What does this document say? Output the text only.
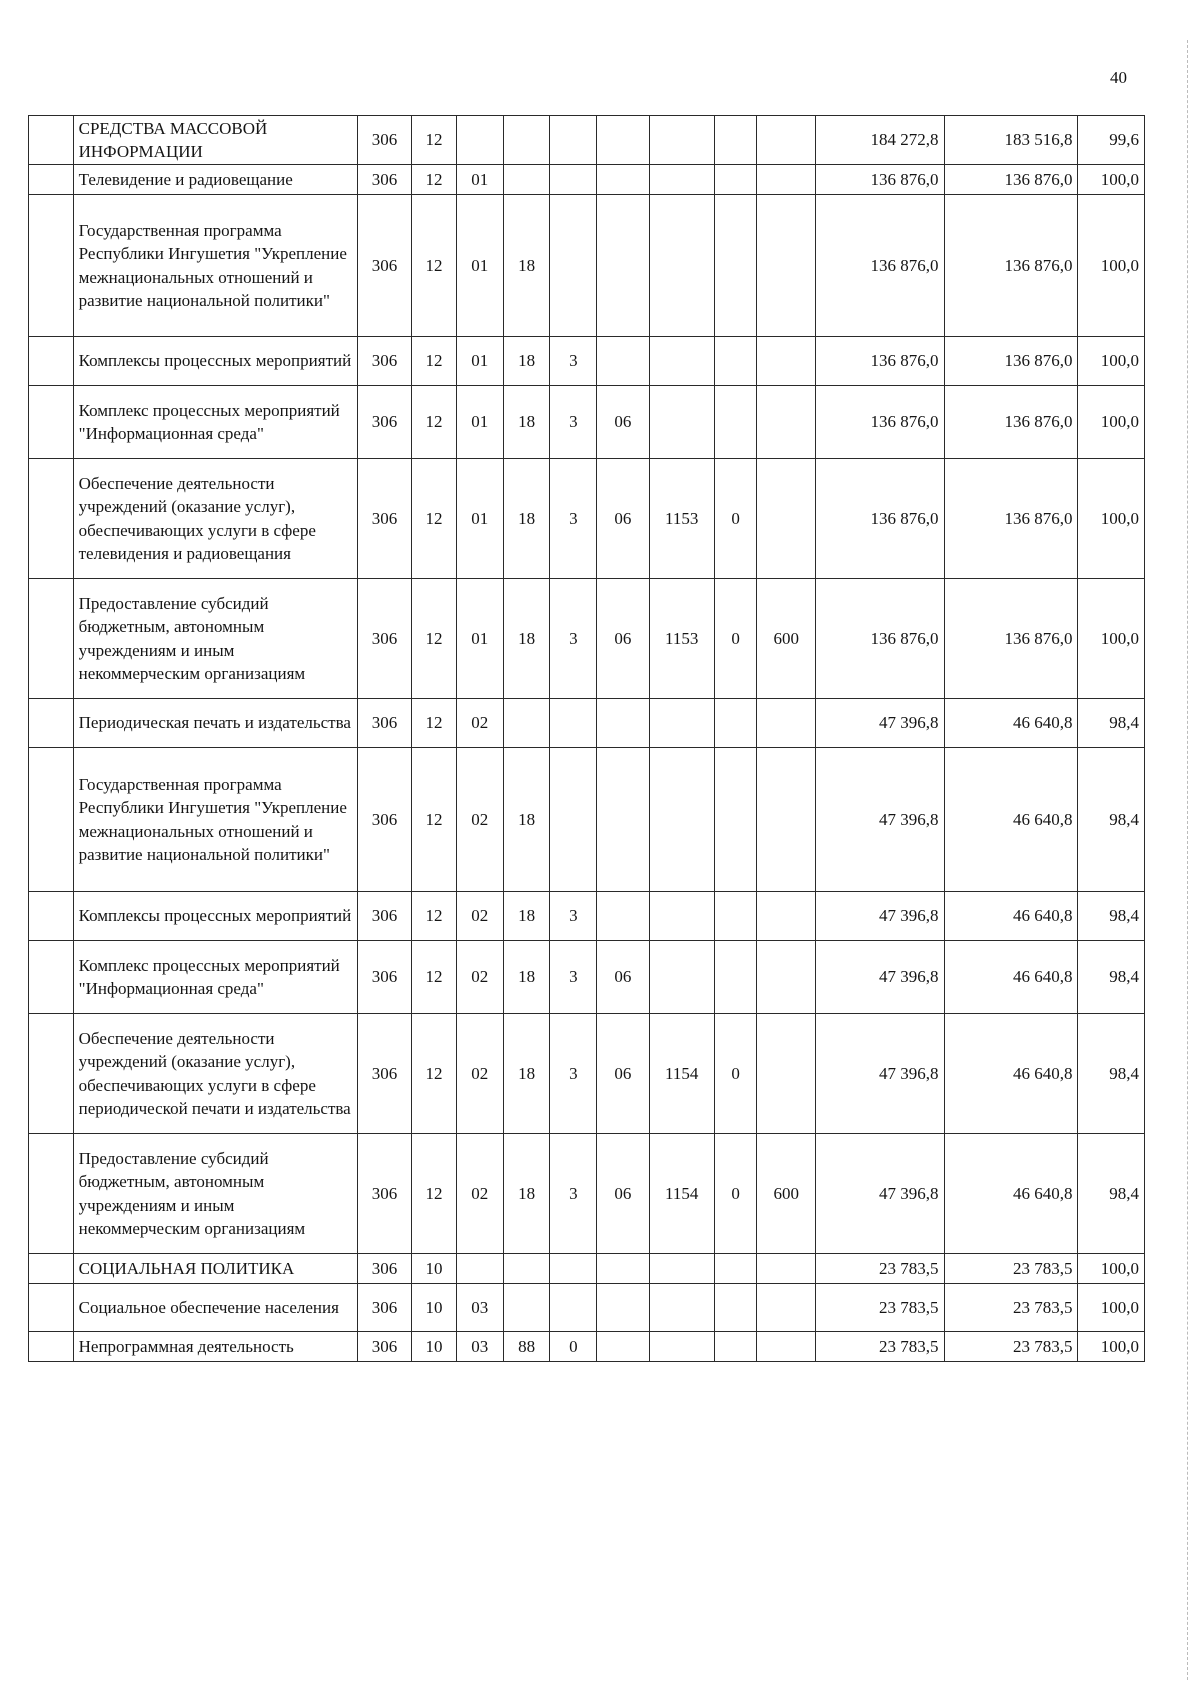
40
	СРЕДСТВА МАССОВОЙ ИНФОРМАЦИИ	306	12								184 272,8	183 516,8	99,6
	Телевидение и радиовещание	306	12	01							136 876,0	136 876,0	100,0
	Государственная программа Республики Ингушетия "Укрепление межнациональных отношений и развитие национальной политики"	306	12	01	18						136 876,0	136 876,0	100,0
	Комплексы процессных мероприятий	306	12	01	18	3					136 876,0	136 876,0	100,0
	Комплекс процессных мероприятий "Информационная среда"	306	12	01	18	3	06				136 876,0	136 876,0	100,0
	Обеспечение деятельности учреждений (оказание услуг), обеспечивающих услуги в сфере телевидения и радиовещания	306	12	01	18	3	06	1153	0		136 876,0	136 876,0	100,0
	Предоставление субсидий бюджетным, автономным учреждениям и иным некоммерческим организациям	306	12	01	18	3	06	1153	0	600	136 876,0	136 876,0	100,0
	Периодическая печать и издательства	306	12	02							47 396,8	46 640,8	98,4
	Государственная программа Республики Ингушетия "Укрепление межнациональных отношений и развитие национальной политики"	306	12	02	18						47 396,8	46 640,8	98,4
	Комплексы процессных мероприятий	306	12	02	18	3					47 396,8	46 640,8	98,4
	Комплекс процессных мероприятий "Информационная среда"	306	12	02	18	3	06				47 396,8	46 640,8	98,4
	Обеспечение деятельности учреждений (оказание услуг), обеспечивающих услуги в сфере периодической печати и издательства	306	12	02	18	3	06	1154	0		47 396,8	46 640,8	98,4
	Предоставление субсидий бюджетным, автономным учреждениям и иным некоммерческим организациям	306	12	02	18	3	06	1154	0	600	47 396,8	46 640,8	98,4
	СОЦИАЛЬНАЯ ПОЛИТИКА	306	10								23 783,5	23 783,5	100,0
	Социальное обеспечение населения	306	10	03							23 783,5	23 783,5	100,0
	Непрограммная деятельность	306	10	03	88	0					23 783,5	23 783,5	100,0
